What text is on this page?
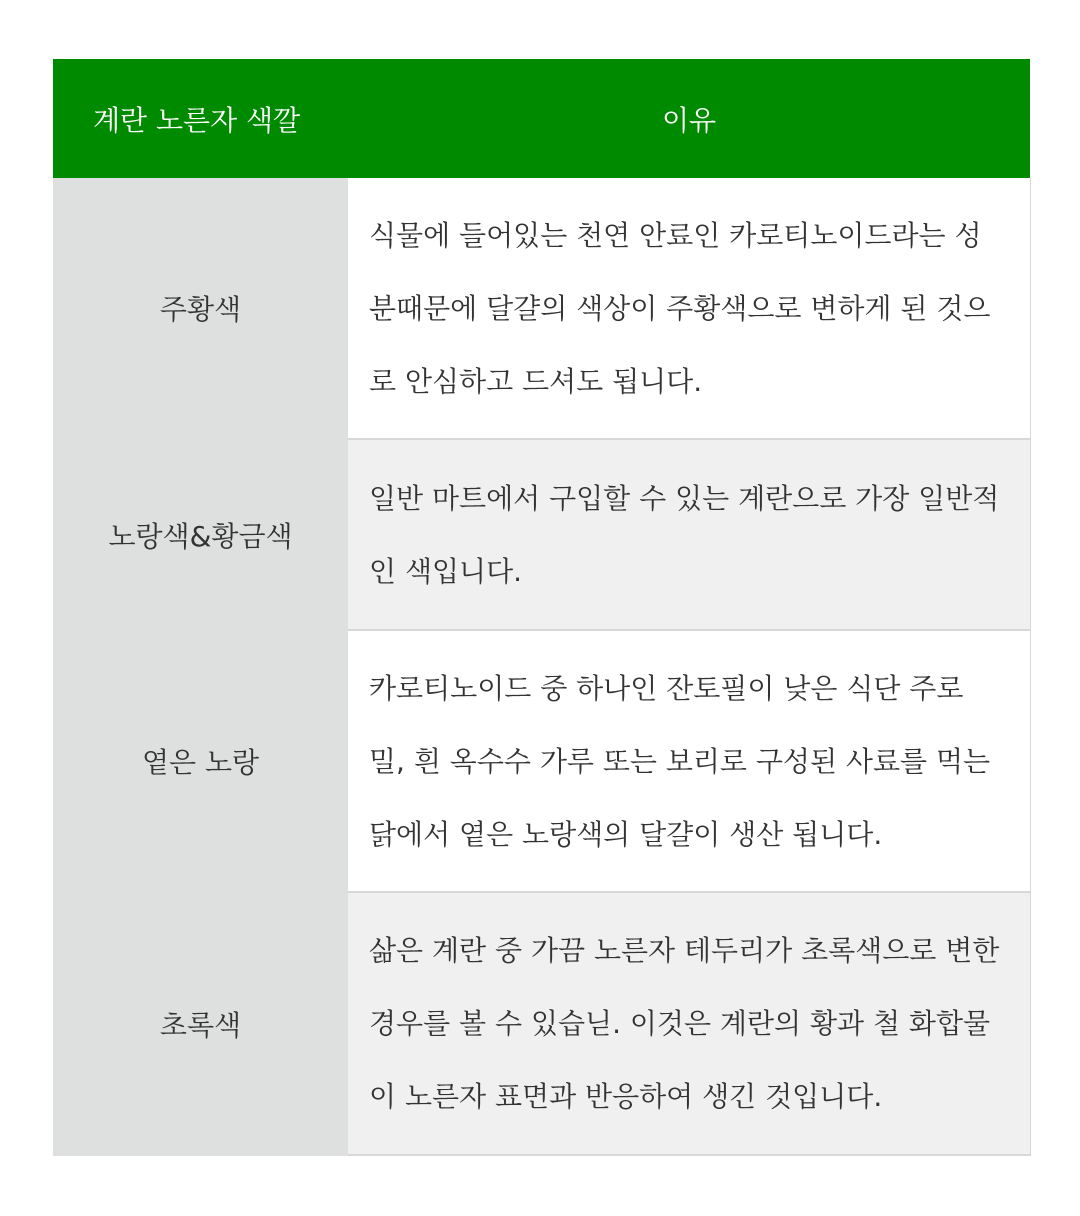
계란 노른자 색깔	이유
주황색	식물에 들어있는 천연 안료인 카로티노이드라는 성분때문에 달걀의 색상이 주황색으로 변하게 된 것으로 안심하고 드셔도 됩니다.
노랑색&황금색	일반 마트에서 구입할 수 있는 계란으로 가장 일반적인 색입니다.
옅은 노랑	카로티노이드 중 하나인 잔토필이 낮은 식단 주로 밀, 흰 옥수수 가루 또는 보리로 구성된 사료를 먹는 닭에서 옅은 노랑색의 달걀이 생산 됩니다.
초록색	삶은 계란 중 가끔 노른자 테두리가 초록색으로 변한 경우를 볼 수 있습닏. 이것은 계란의 황과 철 화합물이 노른자 표면과 반응하여 생긴 것입니다.
